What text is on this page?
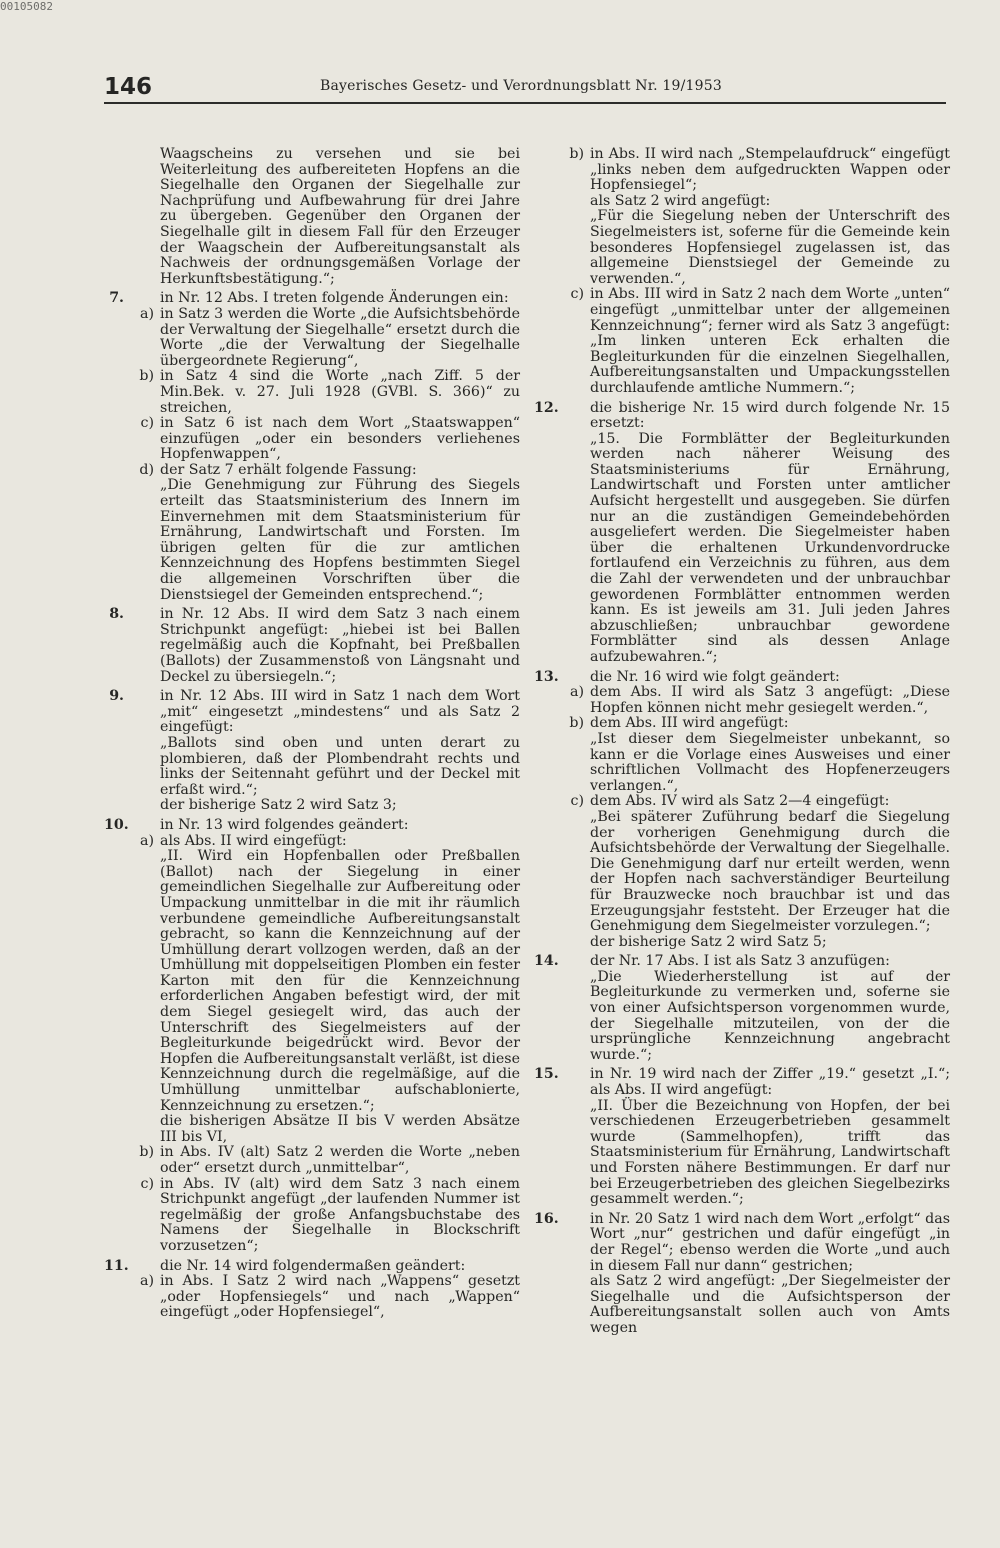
00105082
146	Bayerisches Gesetz- und Verordnungsblatt Nr. 19/1953

Waagscheins zu versehen und sie bei Weiterleitung des aufbereiteten Hopfens an die Siegelhalle den Organen der Siegelhalle zur Nachprüfung und Aufbewahrung für drei Jahre zu übergeben. Gegenüber den Organen der Siegelhalle gilt in diesem Fall für den Erzeuger der Waagschein der Aufbereitungsanstalt als Nachweis der ordnungsgemäßen Vorlage der Herkunftsbestätigung.“;

7.	in Nr. 12 Abs. I treten folgende Änderungen ein:
a) in Satz 3 werden die Worte „die Aufsichtsbehörde der Verwaltung der Siegelhalle“ ersetzt durch die Worte „die der Verwaltung der Siegelhalle übergeordnete Regierung“,
b) in Satz 4 sind die Worte „nach Ziff. 5 der Min.Bek. v. 27. Juli 1928 (GVBl. S. 366)“ zu streichen,
c) in Satz 6 ist nach dem Wort „Staatswappen“ einzufügen „oder ein besonders verliehenes Hopfenwappen“,
d) der Satz 7 erhält folgende Fassung:

„Die Genehmigung zur Führung des Siegels erteilt das Staatsministerium des Innern im Einvernehmen mit dem Staatsministerium für Ernährung, Landwirtschaft und Forsten. Im übrigen gelten für die zur amtlichen Kennzeichnung des Hopfens bestimmten Siegel die allgemeinen Vorschriften über die Dienstsiegel der Gemeinden entsprechend.“;

8.	in Nr. 12 Abs. II wird dem Satz 3 nach einem Strichpunkt angefügt: „hiebei ist bei Ballen regelmäßig auch die Kopfnaht, bei Preßballen (Ballots) der Zusammenstoß von Längsnaht und Deckel zu übersiegeln.“;
9.	in Nr. 12 Abs. III wird in Satz 1 nach dem Wort „mit“ eingesetzt „mindestens“ und als Satz 2 eingefügt:

„Ballots sind oben und unten derart zu plombieren, daß der Plombendraht rechts und links der Seitennaht geführt und der Deckel mit erfaßt wird.“;

der bisherige Satz 2 wird Satz 3;

10. in Nr. 13 wird folgendes geändert:
a) als Abs. II wird eingefügt:

„II. Wird ein Hopfenballen oder Preßballen (Ballot) nach der Siegelung in einer gemeindlichen Siegelhalle zur Aufbereitung oder Umpackung unmittelbar in die mit ihr räumlich verbundene gemeindliche Aufbereitungsanstalt gebracht, so kann die Kennzeichnung auf der Umhüllung derart vollzogen werden, daß an der Umhüllung mit doppelseitigen Plomben ein fester Karton mit den für die Kennzeichnung erforderlichen Angaben befestigt wird, der mit dem Siegel gesiegelt wird, das auch der Unterschrift des Siegelmeisters auf der Begleiturkunde beigedrückt wird. Bevor der Hopfen die Aufbereitungsanstalt verläßt, ist diese Kennzeichnung durch die regelmäßige, auf die Umhüllung unmittelbar aufschablonierte, Kennzeichnung zu ersetzen.“;

die bisherigen Absätze II bis V werden Absätze III bis VI,

b) in Abs. IV (alt) Satz 2 werden die Worte „neben oder“ ersetzt durch „unmittelbar“,
c) in Abs. IV (alt) wird dem Satz 3 nach einem Strichpunkt angefügt „der laufenden Nummer ist regelmäßig der große Anfangsbuchstabe des Namens der Siegelhalle in Blockschrift vorzusetzen“;
11. die Nr. 14 wird folgendermaßen geändert:
a) in Abs. I Satz 2 wird nach „Wappens“ gesetzt „oder Hopfensiegels“ und nach „Wappen“ eingefügt „oder Hopfensiegel“,
b) in Abs. II wird nach „Stempelaufdruck“ eingefügt „links neben dem aufgedruckten Wappen oder Hopfensiegel“;

als Satz 2 wird angefügt:

„Für die Siegelung neben der Unterschrift des Siegelmeisters ist, soferne für die Gemeinde kein besonderes Hopfensiegel zugelassen ist, das allgemeine Dienstsiegel der Gemeinde zu verwenden.“,

c) in Abs. III wird in Satz 2 nach dem Worte „unten“ eingefügt „unmittelbar unter der allgemeinen Kennzeichnung“; ferner wird als Satz 3 angefügt: „Im linken unteren Eck erhalten die Begleiturkunden für die einzelnen Siegelhallen, Aufbereitungsanstalten und Umpackungsstellen durchlaufende amtliche Nummern.“;
12. die bisherige Nr. 15 wird durch folgende Nr. 15 ersetzt:

„15. Die Formblätter der Begleiturkunden werden nach näherer Weisung des Staatsministeriums für Ernährung, Landwirtschaft und Forsten unter amtlicher Aufsicht hergestellt und ausgegeben. Sie dürfen nur an die zuständigen Gemeindebehörden ausgeliefert werden. Die Siegelmeister haben über die erhaltenen Urkundenvordrucke fortlaufend ein Verzeichnis zu führen, aus dem die Zahl der verwendeten und der unbrauchbar gewordenen Formblätter entnommen werden kann. Es ist jeweils am 31. Juli jeden Jahres abzuschließen; unbrauchbar gewordene Formblätter sind als dessen Anlage aufzubewahren.“;

13. die Nr. 16 wird wie folgt geändert:
a) dem Abs. II wird als Satz 3 angefügt: „Diese Hopfen können nicht mehr gesiegelt werden.“,
b) dem Abs. III wird angefügt:

„Ist dieser dem Siegelmeister unbekannt, so kann er die Vorlage eines Ausweises und einer schriftlichen Vollmacht des Hopfenerzeugers verlangen.“,

c) dem Abs. IV wird als Satz 2—4 eingefügt:

„Bei späterer Zuführung bedarf die Siegelung der vorherigen Genehmigung durch die Aufsichtsbehörde der Verwaltung der Siegelhalle. Die Genehmigung darf nur erteilt werden, wenn der Hopfen nach sachverständiger Beurteilung für Brauzwecke noch brauchbar ist und das Erzeugungsjahr feststeht. Der Erzeuger hat die Genehmigung dem Siegelmeister vorzulegen.“;

der bisherige Satz 2 wird Satz 5;

14. der Nr. 17 Abs. I ist als Satz 3 anzufügen:

„Die Wiederherstellung ist auf der Begleiturkunde zu vermerken und, soferne sie von einer Aufsichtsperson vorgenommen wurde, der Siegelhalle mitzuteilen, von der die ursprüngliche Kennzeichnung angebracht wurde.“;

15. in Nr. 19 wird nach der Ziffer „19.“ gesetzt „I.“; als Abs. II wird angefügt:

„II. Über die Bezeichnung von Hopfen, der bei verschiedenen Erzeugerbetrieben gesammelt wurde (Sammelhopfen), trifft das Staatsministerium für Ernährung, Landwirtschaft und Forsten nähere Bestimmungen. Er darf nur bei Erzeugerbetrieben des gleichen Siegelbezirks gesammelt werden.“;

16. in Nr. 20 Satz 1 wird nach dem Wort „erfolgt“ das Wort „nur“ gestrichen und dafür eingefügt „in der Regel“; ebenso werden die Worte „und auch in diesem Fall nur dann“ gestrichen;

als Satz 2 wird angefügt: „Der Siegelmeister der Siegelhalle und die Aufsichtsperson der Aufbereitungsanstalt sollen auch von Amts wegen
